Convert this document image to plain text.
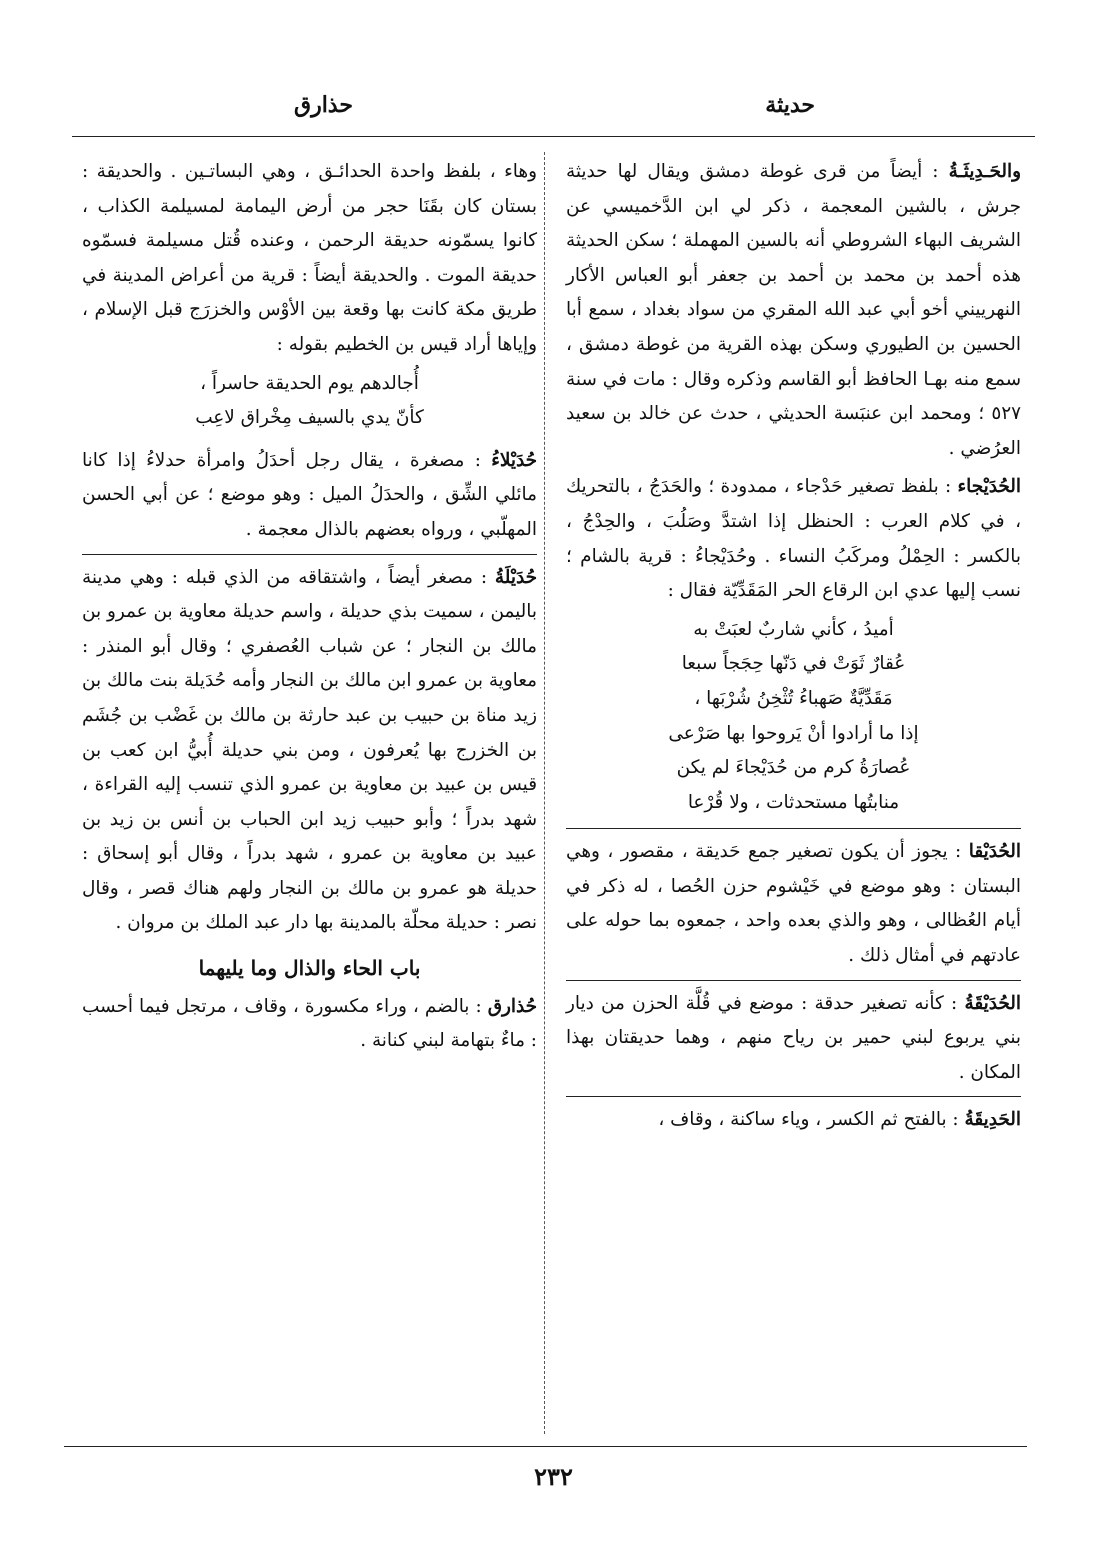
حديثة
حذارق

والحَـدِيثَـةُ : أيضاً من قرى غوطة دمشق ويقال لها حديثة جرش ، بالشين المعجمة ، ذكر لي ابن الدَّخميسي عن الشريف البهاء الشروطي أنه بالسين المهملة ؛ سكن الحديثة هذه أحمد بن محمد بن أحمد بن جعفر أبو العباس الأكار النهرييني أخو أبي عبد الله المقري من سواد بغداد ، سمع أبا الحسين بن الطيوري وسكن بهذه القرية من غوطة دمشق ، سمع منه بهـا الحافظ أبو القاسم وذكره وقال : مات في سنة ٥٢٧ ؛ ومحمد ابن عنبَسة الحديثي ، حدث عن خالد بن سعيد العرُضي .

الحُدَيْجاء : بلفظ تصغير حَدْجاء ، ممدودة ؛ والحَدَجُ ، بالتحريك ، في كلام العرب : الحنظل إذا اشتدَّ وصَلُبَ ، والحِدْجُ ، بالكسر : الحِمْلُ ومركَبُ النساء . وحُدَيْجاءُ : قرية بالشام ؛ نسب إليها عدي ابن الرقاع الحر المَقَدِّيّة فقال :

أميدُ ، كأني شاربٌ لعبَتْ به

عُقارٌ ثَوَتْ في دَنّها حِجَجاً سبعا

مَقَدِّيَّةٌ صَهباءُ تُثْخِنُ شُرْبَها ،

إذا ما أرادوا أنْ يَروحوا بها صَرْعى

عُصارَةُ كرم من حُدَيْجاءَ لم يكن

منابتُها مستحدثات ، ولا قُرْعا

الحُدَيْقا : يجوز أن يكون تصغير جمع حَديقة ، مقصور ، وهي البستان : وهو موضع في خَيْشوم حزن الحُصا ، له ذكر في أيام العُظالى ، وهو والذي بعده واحد ، جمعوه بما حوله على عادتهم في أمثال ذلك .

الحُدَيْقَةُ : كأنه تصغير حدقة : موضع في قُلَّة الحزن من ديار بني يربوع لبني حمير بن رياح منهم ، وهما حديقتان بهذا المكان .

الحَدِيقَةُ : بالفتح ثم الكسر ، وياء ساكنة ، وقاف ،

وهاء ، بلفظ واحدة الحدائـق ، وهي البساتـين . والحديقة : بستان كان بقَنَا حجر من أرض اليمامة لمسيلمة الكذاب ، كانوا يسمّونه حديقة الرحمن ، وعنده قُتل مسيلمة فسمّوه حديقة الموت . والحديقة أيضاً : قرية من أعراض المدينة في طريق مكة كانت بها وقعة بين الأوْس والخزرَج قبل الإسلام ، وإياها أراد قيس بن الخطيم بقوله :

أُجالدهم يوم الحديقة حاسراً ،

كأنّ يدي بالسيف مِخْراق لاعِب

حُدَيْلاءُ : مصغرة ، يقال رجل أحدَلُ وامرأة حدلاءُ إذا كانا مائلي الشِّق ، والحدَلُ الميل : وهو موضع ؛ عن أبي الحسن المهلّبي ، ورواه بعضهم بالذال معجمة .

حُدَيْلَةُ : مصغر أيضاً ، واشتقاقه من الذي قبله : وهي مدينة باليمن ، سميت بذي حديلة ، واسم حديلة معاوية بن عمرو بن مالك بن النجار ؛ عن شباب العُصفري ؛ وقال أبو المنذر : معاوية بن عمرو ابن مالك بن النجار وأمه حُدَيلة بنت مالك بن زيد مناة بن حبيب بن عبد حارثة بن مالك بن غَضْب بن جُشَم بن الخزرج بها يُعرفون ، ومن بني حديلة أُبيُّ ابن كعب بن قيس بن عبيد بن معاوية بن عمرو الذي تنسب إليه القراءة ، شهد بدراً ؛ وأبو حبيب زيد ابن الحباب بن أنس بن زيد بن عبيد بن معاوية بن عمرو ، شهد بدراً ، وقال أبو إسحاق : حديلة هو عمرو بن مالك بن النجار ولهم هناك قصر ، وقال نصر : حديلة محلّة بالمدينة بها دار عبد الملك بن مروان .

باب الحاء والذال وما يليهما

حُذارق : بالضم ، وراء مكسورة ، وقاف ، مرتجل فيما أحسب : ماءٌ بتهامة لبني كنانة .

٢٣٢
